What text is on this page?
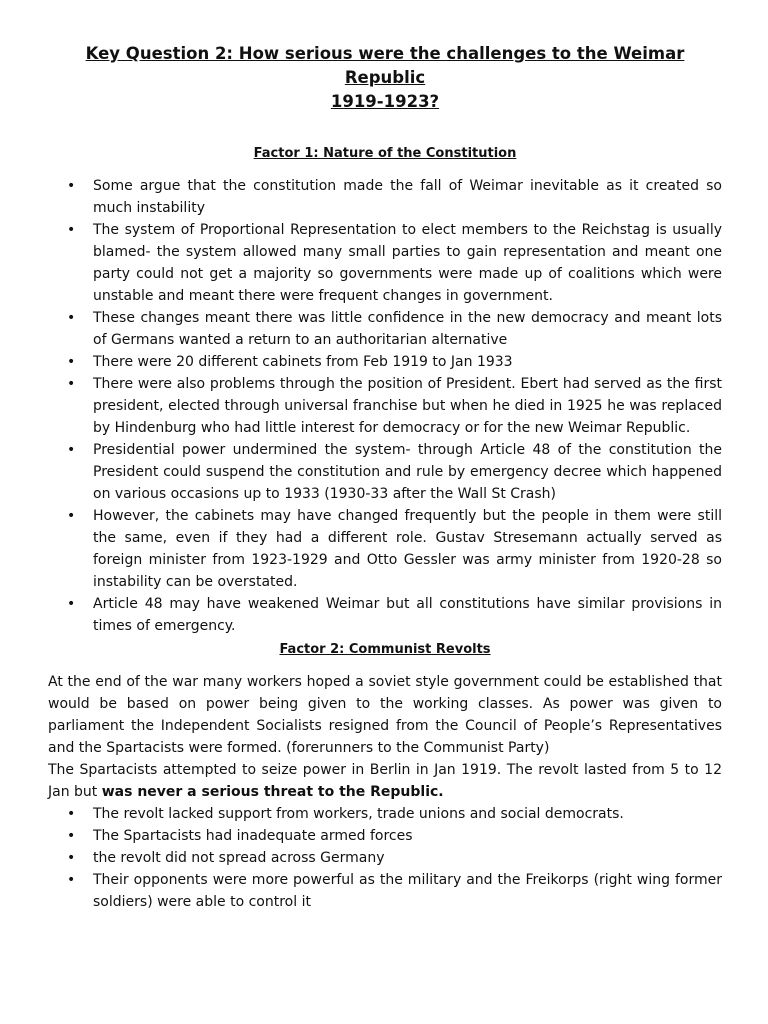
Key Question 2: How serious were the challenges to the Weimar Republic
1919-1923?
Factor 1: Nature of the Constitution
• Some argue that the constitution made the fall of Weimar inevitable as it created so much instability
• The system of Proportional Representation to elect members to the Reichstag is usually blamed- the system allowed many small parties to gain representation and meant one party could not get a majority so governments were made up of coalitions which were unstable and meant there were frequent changes in government.
• These changes meant there was little confidence in the new democracy and meant lots of Germans wanted a return to an authoritarian alternative
• There were 20 different cabinets from Feb 1919 to Jan 1933
• There were also problems through the position of President. Ebert had served as the first president, elected through universal franchise but when he died in 1925 he was replaced by Hindenburg who had little interest for democracy or for the new Weimar Republic.
• Presidential power undermined the system- through Article 48 of the constitution the President could suspend the constitution and rule by emergency decree which happened on various occasions up to 1933 (1930-33 after the Wall St Crash)
• However, the cabinets may have changed frequently but the people in them were still the same, even if they had a different role. Gustav Stresemann actually served as foreign minister from 1923-1929 and Otto Gessler was army minister from 1920-28 so instability can be overstated.
• Article 48 may have weakened Weimar but all constitutions have similar provisions in times of emergency.
Factor 2: Communist Revolts

At the end of the war many workers hoped a soviet style government could be established that would be based on power being given to the working classes. As power was given to parliament the Independent Socialists resigned from the Council of People’s Representatives and the Spartacists were formed. (forerunners to the Communist Party)

The Spartacists attempted to seize power in Berlin in Jan 1919. The revolt lasted from 5 to 12 Jan but was never a serious threat to the Republic.

• The revolt lacked support from workers, trade unions and social democrats.
• The Spartacists had inadequate armed forces
• the revolt did not spread across Germany
• Their opponents were more powerful as the military and the Freikorps (right wing former soldiers) were able to control it
